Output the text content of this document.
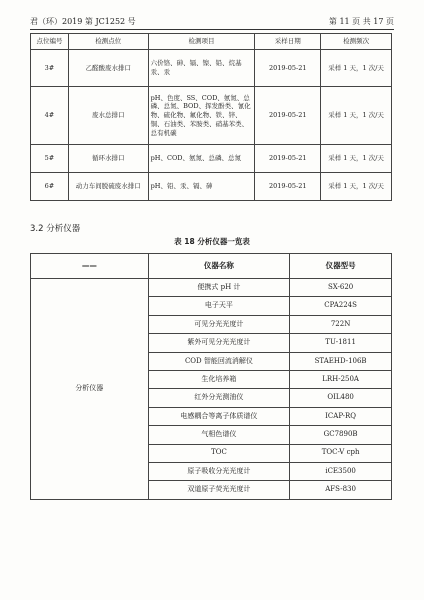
君（环）2019 第 JC1252 号	第 11 页 共 17 页
点位编号	检测点位	检测项目	采样日期	检测频次
3#	乙醛酸废水排口	六价铬、砷、镉、镍、铅、烷基汞、汞	2019-05-21	采样 1 天，1 次/天
4#	废水总排口	pH、色度、SS、COD、氨氮、总磷、总氮、BOD、挥发酚类、氰化物、硫化物、氟化物、铁、锌、铜、石油类、苯胺类、硝基苯类、总有机碳	2019-05-21	采样 1 天，1 次/天
5#	循环水排口	pH、COD、氨氮、总磷、总氮	2019-05-21	采样 1 天，1 次/天
6#	动力车间脱硫废水排口	pH、铅、汞、镉、砷	2019-05-21	采样 1 天，1 次/天
3.2 分析仪器
表 18 分析仪器一览表
——	仪器名称	仪器型号
分析仪器	便携式 pH 计	SX-620
	电子天平	CPA224S
	可见分光光度计	722N
	紫外可见分光光度计	TU-1811
	COD 智能回流消解仪	STAEHD-106B
	生化培养箱	LRH-250A
	红外分光测油仪	OIL480
	电感耦合等离子体质谱仪	ICAP-RQ
	气相色谱仪	GC7890B
	TOC	TOC-V cph
	原子吸收分光光度计	iCE3500
	双道原子荧光光度计	AFS-830
